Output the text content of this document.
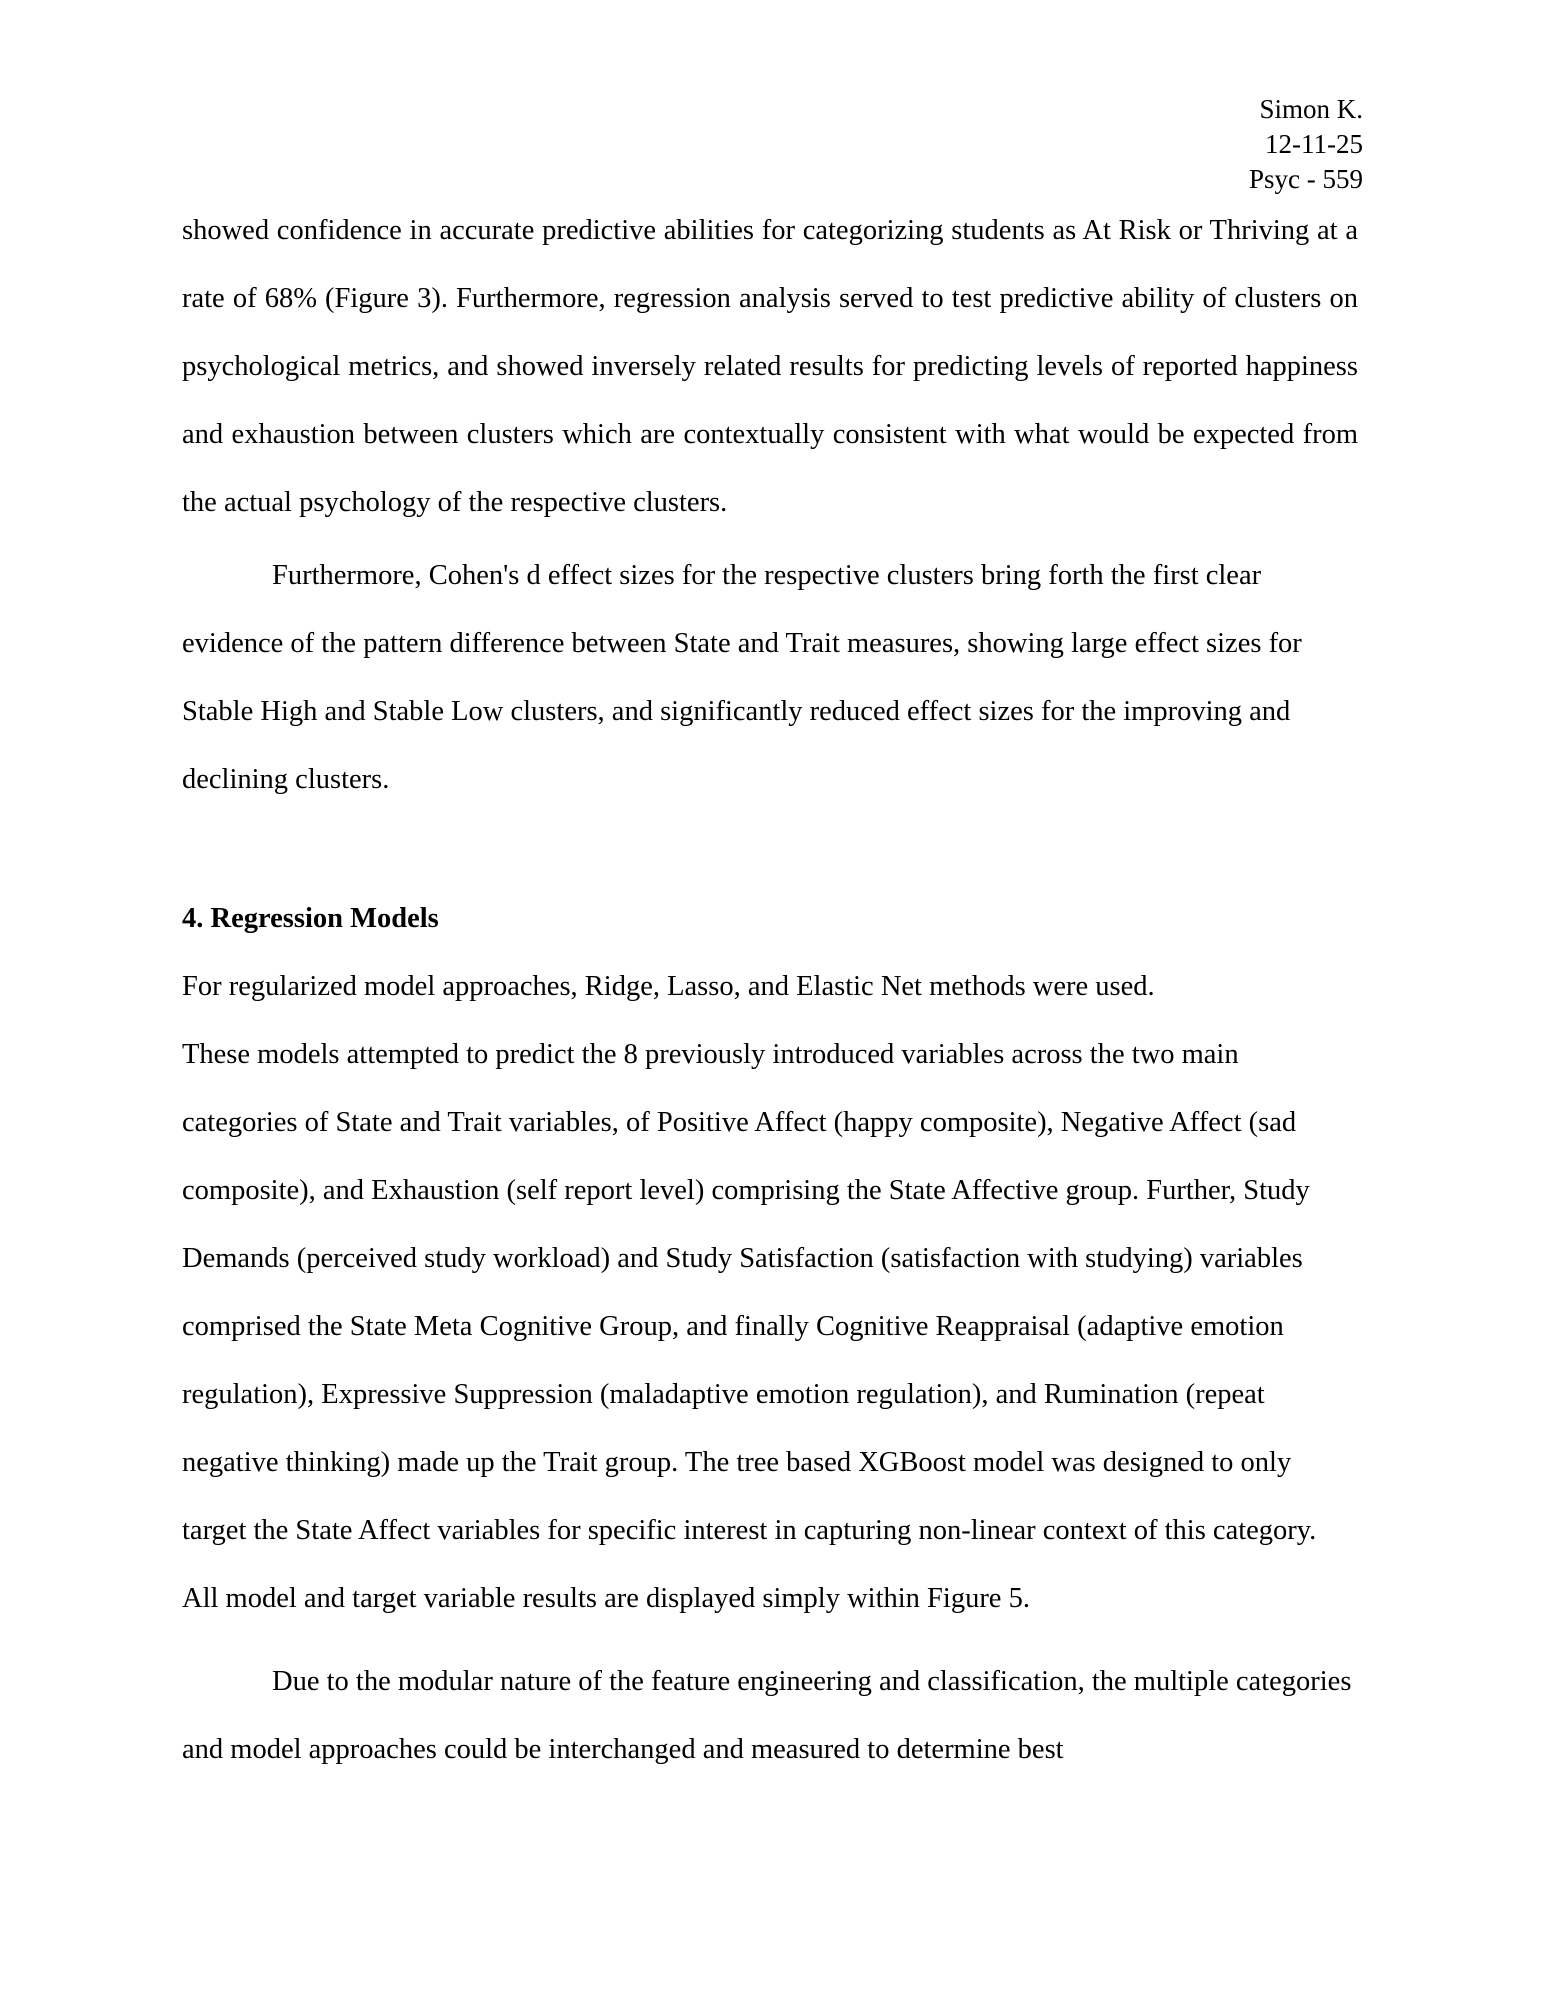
Simon K.
12-11-25
Psyc - 559

showed confidence in accurate predictive abilities for categorizing students as At Risk or Thriving at a rate of 68% (Figure 3). Furthermore, regression analysis served to test predictive ability of clusters on psychological metrics, and showed inversely related results for predicting levels of reported happiness and exhaustion between clusters which are contextually consistent with what would be expected from the actual psychology of the respective clusters.

Furthermore, Cohen's d effect sizes for the respective clusters bring forth the first clear evidence of the pattern difference between State and Trait measures, showing large effect sizes for Stable High and Stable Low clusters, and significantly reduced effect sizes for the improving and declining clusters.

4. Regression Models

For regularized model approaches, Ridge, Lasso, and Elastic Net methods were used.
These models attempted to predict the 8 previously introduced variables across the two main categories of State and Trait variables, of Positive Affect (happy composite), Negative Affect (sad composite), and Exhaustion (self report level) comprising the State Affective group. Further, Study Demands (perceived study workload) and Study Satisfaction (satisfaction with studying) variables comprised the State Meta Cognitive Group, and finally Cognitive Reappraisal (adaptive emotion regulation), Expressive Suppression (maladaptive emotion regulation), and Rumination (repeat negative thinking) made up the Trait group. The tree based XGBoost model was designed to only target the State Affect variables for specific interest in capturing non-linear context of this category. All model and target variable results are displayed simply within Figure 5.

Due to the modular nature of the feature engineering and classification, the multiple categories and model approaches could be interchanged and measured to determine best
